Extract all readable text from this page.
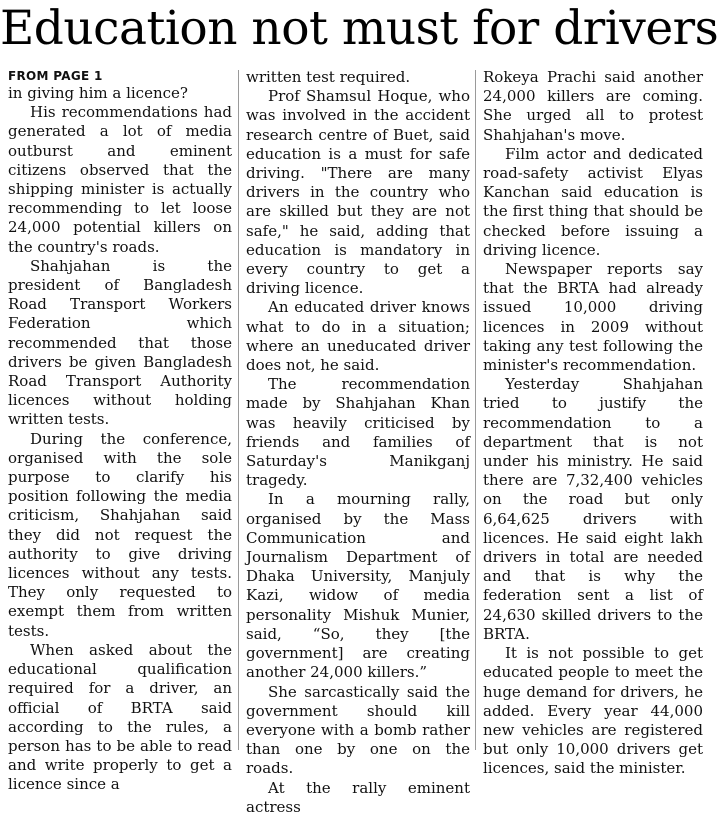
Education not must for drivers
FROM PAGE 1

in giving him a licence?

His recommendations had generated a lot of media outburst and eminent citizens observed that the shipping minister is actually recommending to let loose 24,000 potential killers on the country's roads.

Shahjahan is the president of Bangladesh Road Transport Workers Federation which recommended that those drivers be given Bangladesh Road Transport Authority licences without holding written tests.

During the conference, organised with the sole purpose to clarify his position following the media criticism, Shahjahan said they did not request the authority to give driving licences without any tests. They only requested to exempt them from written tests.

When asked about the educational qualification required for a driver, an official of BRTA said according to the rules, a person has to be able to read and write properly to get a licence since a

written test required.

Prof Shamsul Hoque, who was involved in the accident research centre of Buet, said education is a must for safe driving. "There are many drivers in the country who are skilled but they are not safe," he said, adding that education is mandatory in every country to get a driving licence.

An educated driver knows what to do in a situation; where an uneducated driver does not, he said.

The recommendation made by Shahjahan Khan was heavily criticised by friends and families of Saturday's Manikganj tragedy.

In a mourning rally, organised by the Mass Communication and Journalism Department of Dhaka University, Manjuly Kazi, widow of media personality Mishuk Munier, said, “So, they [the government] are creating another 24,000 killers.”

She sarcastically said the government should kill everyone with a bomb rather than one by one on the roads.

At the rally eminent actress

Rokeya Prachi said another 24,000 killers are coming. She urged all to protest Shahjahan's move.

Film actor and dedicated road-safety activist Elyas Kanchan said education is the first thing that should be checked before issuing a driving licence.

Newspaper reports say that the BRTA had already issued 10,000 driving licences in 2009 without taking any test following the minister's recommendation.

Yesterday Shahjahan tried to justify the recommendation to a department that is not under his ministry. He said there are 7,32,400 vehicles on the road but only 6,64,625 drivers with licences. He said eight lakh drivers in total are needed and that is why the federation sent a list of 24,630 skilled drivers to the BRTA.

It is not possible to get educated people to meet the huge demand for drivers, he added. Every year 44,000 new vehicles are registered but only 10,000 drivers get licences, said the minister.
